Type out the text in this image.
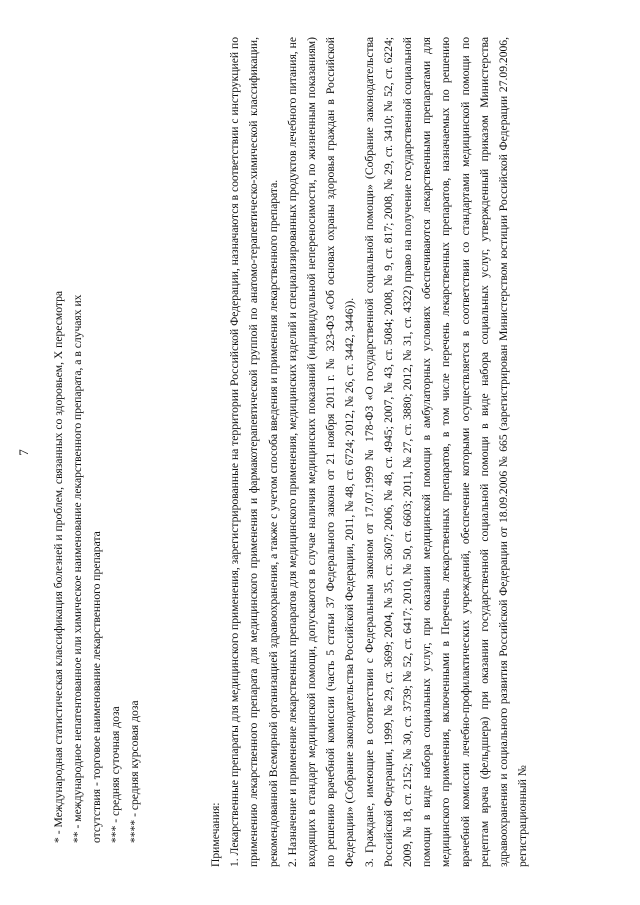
7 * - Международная статистическая классификация болезней и проблем, связанных со здоровьем, X пересмотра ** - международное непатентованное или химическое наименование лекарственного препарата, а в случаях их отсутствия - торговое наименование лекарственного препарата *** - средняя суточная доза **** - средняя курсовая доза	Примечания: 1. Лекарственные препараты для медицинского применения, зарегистрированные на территории Российской Федерации, назначаются в соответствии с инструкцией по применению лекарственного препарата для медицинского применения и фармакотерапевтической группой по анатомо-терапевтическо-химической классификации, рекомендованной Всемирной организацией здравоохранения, а также с учетом способа введения и применения лекарственного препарата. 2. Назначение и применение лекарственных препаратов для медицинского применения, медицинских изделий и специализированных продуктов лечебного питания, не входящих в стандарт медицинской помощи, допускаются в случае наличия медицинских показаний (индивидуальной непереносимости, по жизненным показаниям) по решению врачебной комиссии (часть 5 статьи 37 Федерального закона от 21 ноября 2011 г. № 323-ФЗ «Об основах охраны здоровья граждан в Российской Федерации» (Собрание законодательства Российской Федерации, 2011, № 48, ст. 6724; 2012, № 26, ст. 3442, 3446)). 3. Граждане, имеющие в соответствии с Федеральным законом от 17.07.1999 № 178-ФЗ «О государственной социальной помощи» (Собрание законодательства Российской Федерации, 1999, № 29, ст. 3699; 2004, № 35, ст. 3607; 2006, № 48, ст. 4945; 2007, № 43, ст. 5084; 2008, № 9, ст. 817; 2008, № 29, ст. 3410; № 52, ст. 6224; 2009, № 18, ст. 2152; № 30, ст. 3739; № 52, ст. 6417; 2010, № 50, ст. 6603; 2011, № 27, ст. 3880; 2012, № 31, ст. 4322) право на получение государственной социальной помощи в виде набора социальных услуг, при оказании медицинской помощи в амбулаторных условиях обеспечиваются лекарственными препаратами для медицинского применения, включенными в Перечень лекарственных препаратов, в том числе перечень лекарственных препаратов, назначаемых по решению врачебной комиссии лечебно-профилактических учреждений, обеспечение которыми осуществляется в соответствии со стандартами медицинской помощи по рецептам врача (фельдшера) при оказании государственной социальной помощи в виде набора социальных услуг, утвержденный приказом Министерства здравоохранения и социального развития Российской Федерации от 18.09.2006 № 665 (зарегистрирован Министерством юстиции Российской Федерации 27.09.2006, регистрационный №
